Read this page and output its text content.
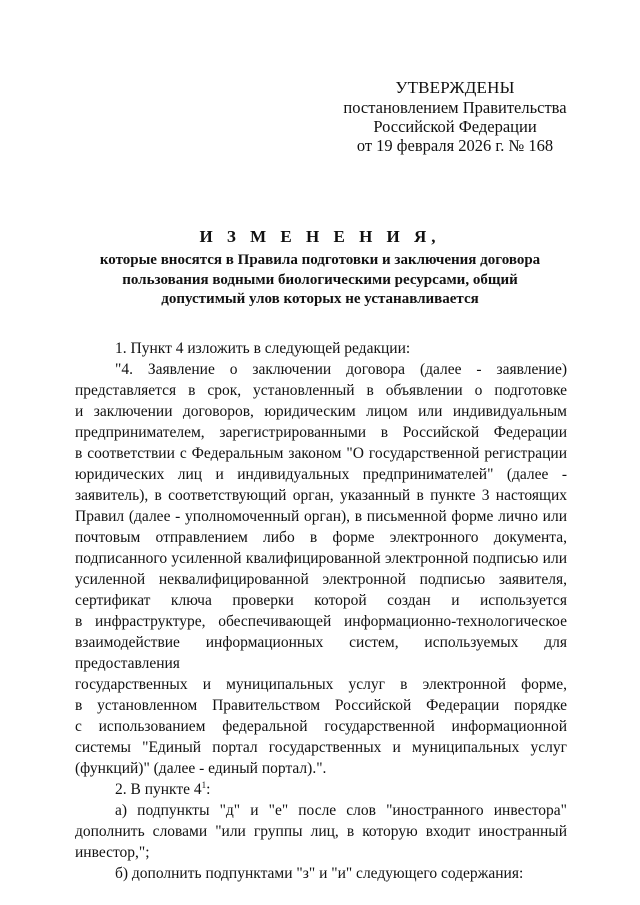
УТВЕРЖДЕНЫ
постановлением Правительства
Российской Федерации
от 19 февраля 2026 г. № 168
И З М Е Н Е Н И Я,
которые вносятся в Правила подготовки и заключения договора
пользования водными биологическими ресурсами, общий
допустимый улов которых не устанавливается
1. Пункт 4 изложить в следующей редакции:
"4. Заявление о заключении договора (далее - заявление)
представляется в срок, установленный в объявлении о подготовке
и заключении договоров, юридическим лицом или индивидуальным
предпринимателем, зарегистрированными в Российской Федерации
в соответствии с Федеральным законом "О государственной регистрации
юридических лиц и индивидуальных предпринимателей" (далее -
заявитель), в соответствующий орган, указанный в пункте 3 настоящих
Правил (далее - уполномоченный орган), в письменной форме лично или
почтовым отправлением либо в форме электронного документа,
подписанного усиленной квалифицированной электронной подписью или
усиленной неквалифицированной электронной подписью заявителя,
сертификат ключа проверки которой создан и используется
в инфраструктуре, обеспечивающей информационно-технологическое
взаимодействие информационных систем, используемых для предоставления
государственных и муниципальных услуг в электронной форме,
в установленном Правительством Российской Федерации порядке
с использованием федеральной государственной информационной
системы "Единый портал государственных и муниципальных услуг
(функций)" (далее - единый портал).".
2. В пункте $4^1$:
а) подпункты "д" и "е" после слов "иностранного инвестора"
дополнить словами "или группы лиц, в которую входит иностранный
инвестор,";
б) дополнить подпунктами "з" и "и" следующего содержания:
